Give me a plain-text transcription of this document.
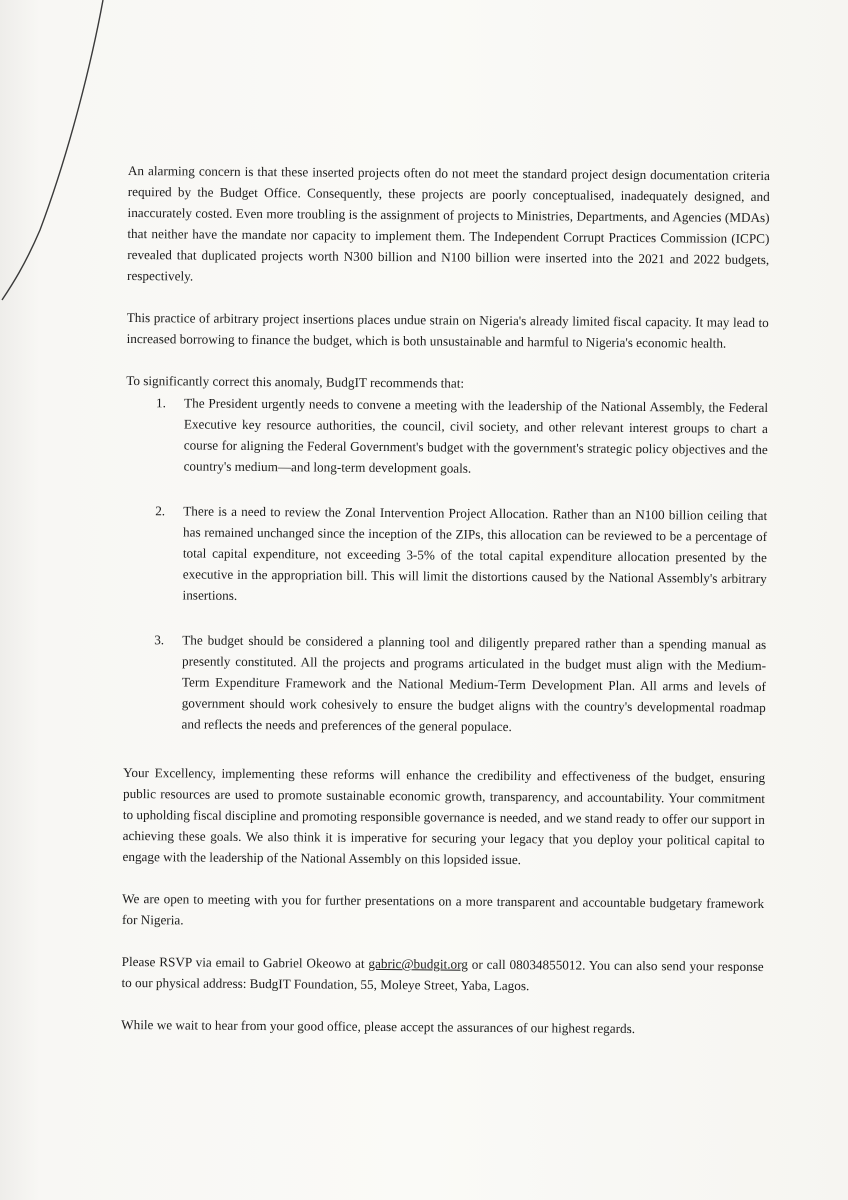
An alarming concern is that these inserted projects often do not meet the standard project design documentation criteria required by the Budget Office. Consequently, these projects are poorly conceptualised, inadequately designed, and inaccurately costed. Even more troubling is the assignment of projects to Ministries, Departments, and Agencies (MDAs) that neither have the mandate nor capacity to implement them. The Independent Corrupt Practices Commission (ICPC) revealed that duplicated projects worth N300 billion and N100 billion were inserted into the 2021 and 2022 budgets, respectively.

This practice of arbitrary project insertions places undue strain on Nigeria's already limited fiscal capacity. It may lead to increased borrowing to finance the budget, which is both unsustainable and harmful to Nigeria's economic health.

To significantly correct this anomaly, BudgIT recommends that:

1. The President urgently needs to convene a meeting with the leadership of the National Assembly, the Federal Executive key resource authorities, the council, civil society, and other relevant interest groups to chart a course for aligning the Federal Government's budget with the government's strategic policy objectives and the country's medium—and long-term development goals.
2. There is a need to review the Zonal Intervention Project Allocation. Rather than an N100 billion ceiling that has remained unchanged since the inception of the ZIPs, this allocation can be reviewed to be a percentage of total capital expenditure, not exceeding 3-5% of the total capital expenditure allocation presented by the executive in the appropriation bill. This will limit the distortions caused by the National Assembly's arbitrary insertions.
3. The budget should be considered a planning tool and diligently prepared rather than a spending manual as presently constituted. All the projects and programs articulated in the budget must align with the Medium-Term Expenditure Framework and the National Medium-Term Development Plan. All arms and levels of government should work cohesively to ensure the budget aligns with the country's developmental roadmap and reflects the needs and preferences of the general populace.

Your Excellency, implementing these reforms will enhance the credibility and effectiveness of the budget, ensuring public resources are used to promote sustainable economic growth, transparency, and accountability. Your commitment to upholding fiscal discipline and promoting responsible governance is needed, and we stand ready to offer our support in achieving these goals. We also think it is imperative for securing your legacy that you deploy your political capital to engage with the leadership of the National Assembly on this lopsided issue.

We are open to meeting with you for further presentations on a more transparent and accountable budgetary framework for Nigeria.

Please RSVP via email to Gabriel Okeowo at gabric@budgit.org or call 08034855012. You can also send your response to our physical address: BudgIT Foundation, 55, Moleye Street, Yaba, Lagos.

While we wait to hear from your good office, please accept the assurances of our highest regards.
